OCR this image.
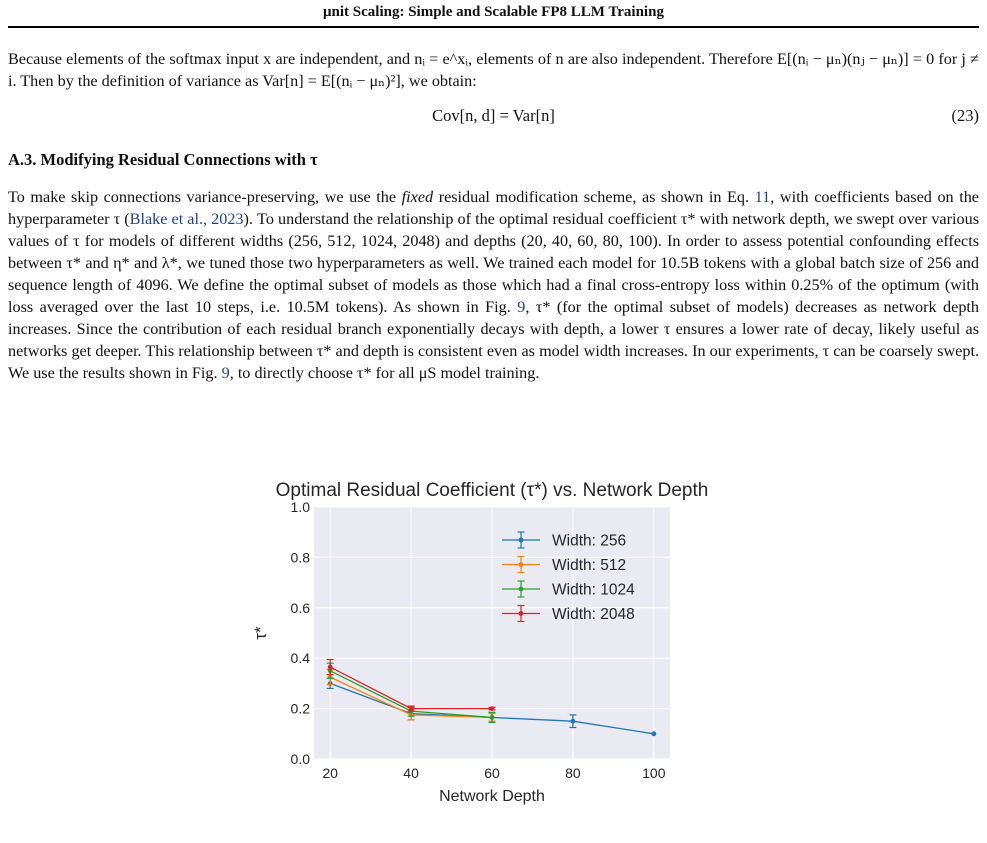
μnit Scaling: Simple and Scalable FP8 LLM Training

Because elements of the softmax input x are independent, and nᵢ = e^xᵢ, elements of n are also independent. Therefore E[(nᵢ − μₙ)(nⱼ − μₙ)] = 0 for j ≠ i. Then by the definition of variance as Var[n] = E[(nᵢ − μₙ)²], we obtain:

Cov[n, d] = Var[n]	(23)
A.3. Modifying Residual Connections with τ

To make skip connections variance-preserving, we use the fixed residual modification scheme, as shown in Eq. 11, with coefficients based on the hyperparameter τ (Blake et al., 2023). To understand the relationship of the optimal residual coefficient τ* with network depth, we swept over various values of τ for models of different widths (256, 512, 1024, 2048) and depths (20, 40, 60, 80, 100). In order to assess potential confounding effects between τ* and η* and λ*, we tuned those two hyperparameters as well. We trained each model for 10.5B tokens with a global batch size of 256 and sequence length of 4096. We define the optimal subset of models as those which had a final cross-entropy loss within 0.25% of the optimum (with loss averaged over the last 10 steps, i.e. 10.5M tokens). As shown in Fig. 9, τ* (for the optimal subset of models) decreases as network depth increases. Since the contribution of each residual branch exponentially decays with depth, a lower τ ensures a lower rate of decay, likely useful as networks get deeper. This relationship between τ* and depth is consistent even as model width increases. In our experiments, τ can be coarsely swept. We use the results shown in Fig. 9, to directly choose τ* for all μS model training.

0.0
0.2
0.4
0.6
0.8
1.0
20	40	60	80	100
Optimal Residual Coefficient (τ*) vs. Network Depth
Network Depth
τ*
Width: 256
Width: 512
Width: 1024
Width: 2048
